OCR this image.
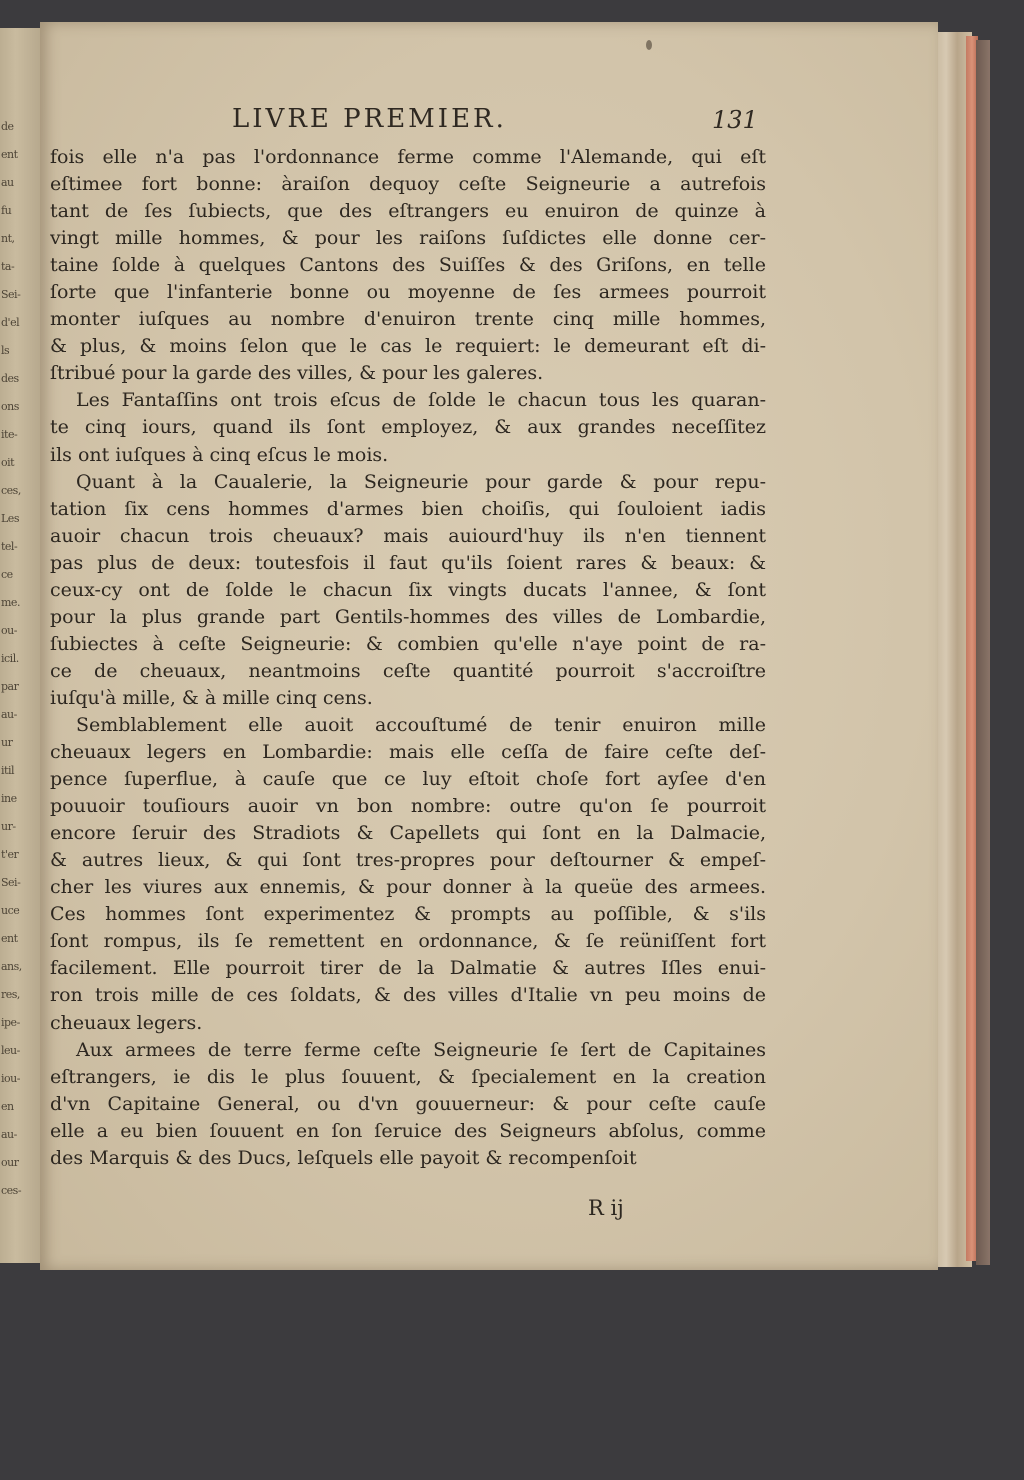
de
ent
au
fu
nt,
ta-
Sei-
d'el
ls
des
ons
ite-
oit
ces,
Les
tel-
ce
me.
ou-
icil.
par
au-
ur
itil
ine
ur-
t'er
Sei-
uce
ent
ans,
res,
ipe-
leu-
iou-
en
au-
our
ces-
LIVRE PREMIER.	131
fois elle n'a pas l'ordonnance ferme comme l'Alemande, qui eſt
eſtimee fort bonne: àraiſon dequoy ceſte Seigneurie a autrefois
tant de ſes ſubiects, que des eſtrangers eu enuiron de quinze à
vingt mille hommes, & pour les raiſons ſuſdictes elle donne cer-
taine ſolde à quelques Cantons des Suiſſes & des Griſons, en telle
ſorte que l'infanterie bonne ou moyenne de ſes armees pourroit
monter iuſques au nombre d'enuiron trente cinq mille hommes,
& plus, & moins ſelon que le cas le requiert: le demeurant eſt di-
ſtribué pour la garde des villes, & pour les galeres.
Les Fantaſſins ont trois eſcus de ſolde le chacun tous les quaran-
te cinq iours, quand ils ſont employez, & aux grandes neceſſitez
ils ont iuſques à cinq eſcus le mois.
Quant à la Caualerie, la Seigneurie pour garde & pour repu-
tation ſix cens hommes d'armes bien choiſis, qui ſouloient iadis
auoir chacun trois cheuaux? mais auiourd'huy ils n'en tiennent
pas plus de deux: toutesfois il faut qu'ils ſoient rares & beaux: &
ceux-cy ont de ſolde le chacun ſix vingts ducats l'annee, & ſont
pour la plus grande part Gentils-hommes des villes de Lombardie,
ſubiectes à ceſte Seigneurie: & combien qu'elle n'aye point de ra-
ce de cheuaux, neantmoins ceſte quantité pourroit s'accroiſtre
iuſqu'à mille, & à mille cinq cens.
Semblablement elle auoit accouſtumé de tenir enuiron mille
cheuaux legers en Lombardie: mais elle ceſſa de faire ceſte deſ-
pence ſuperflue, à cauſe que ce luy eſtoit choſe fort ayſee d'en
pouuoir touſiours auoir vn bon nombre: outre qu'on ſe pourroit
encore ſeruir des Stradiots & Capellets qui ſont en la Dalmacie,
& autres lieux, & qui ſont tres-propres pour deſtourner & empeſ-
cher les viures aux ennemis, & pour donner à la queüe des armees.
Ces hommes ſont experimentez & prompts au poſſible, & s'ils
ſont rompus, ils ſe remettent en ordonnance, & ſe reüniſſent fort
facilement. Elle pourroit tirer de la Dalmatie & autres Iſles enui-
ron trois mille de ces ſoldats, & des villes d'Italie vn peu moins de
cheuaux legers.
Aux armees de terre ferme ceſte Seigneurie ſe ſert de Capitaines
eſtrangers, ie dis le plus ſouuent, & ſpecialement en la creation
d'vn Capitaine General, ou d'vn gouuerneur: & pour ceſte cauſe
elle a eu bien ſouuent en ſon ſeruice des Seigneurs abſolus, comme
des Marquis & des Ducs, leſquels elle payoit & recompenſoit
R ij
